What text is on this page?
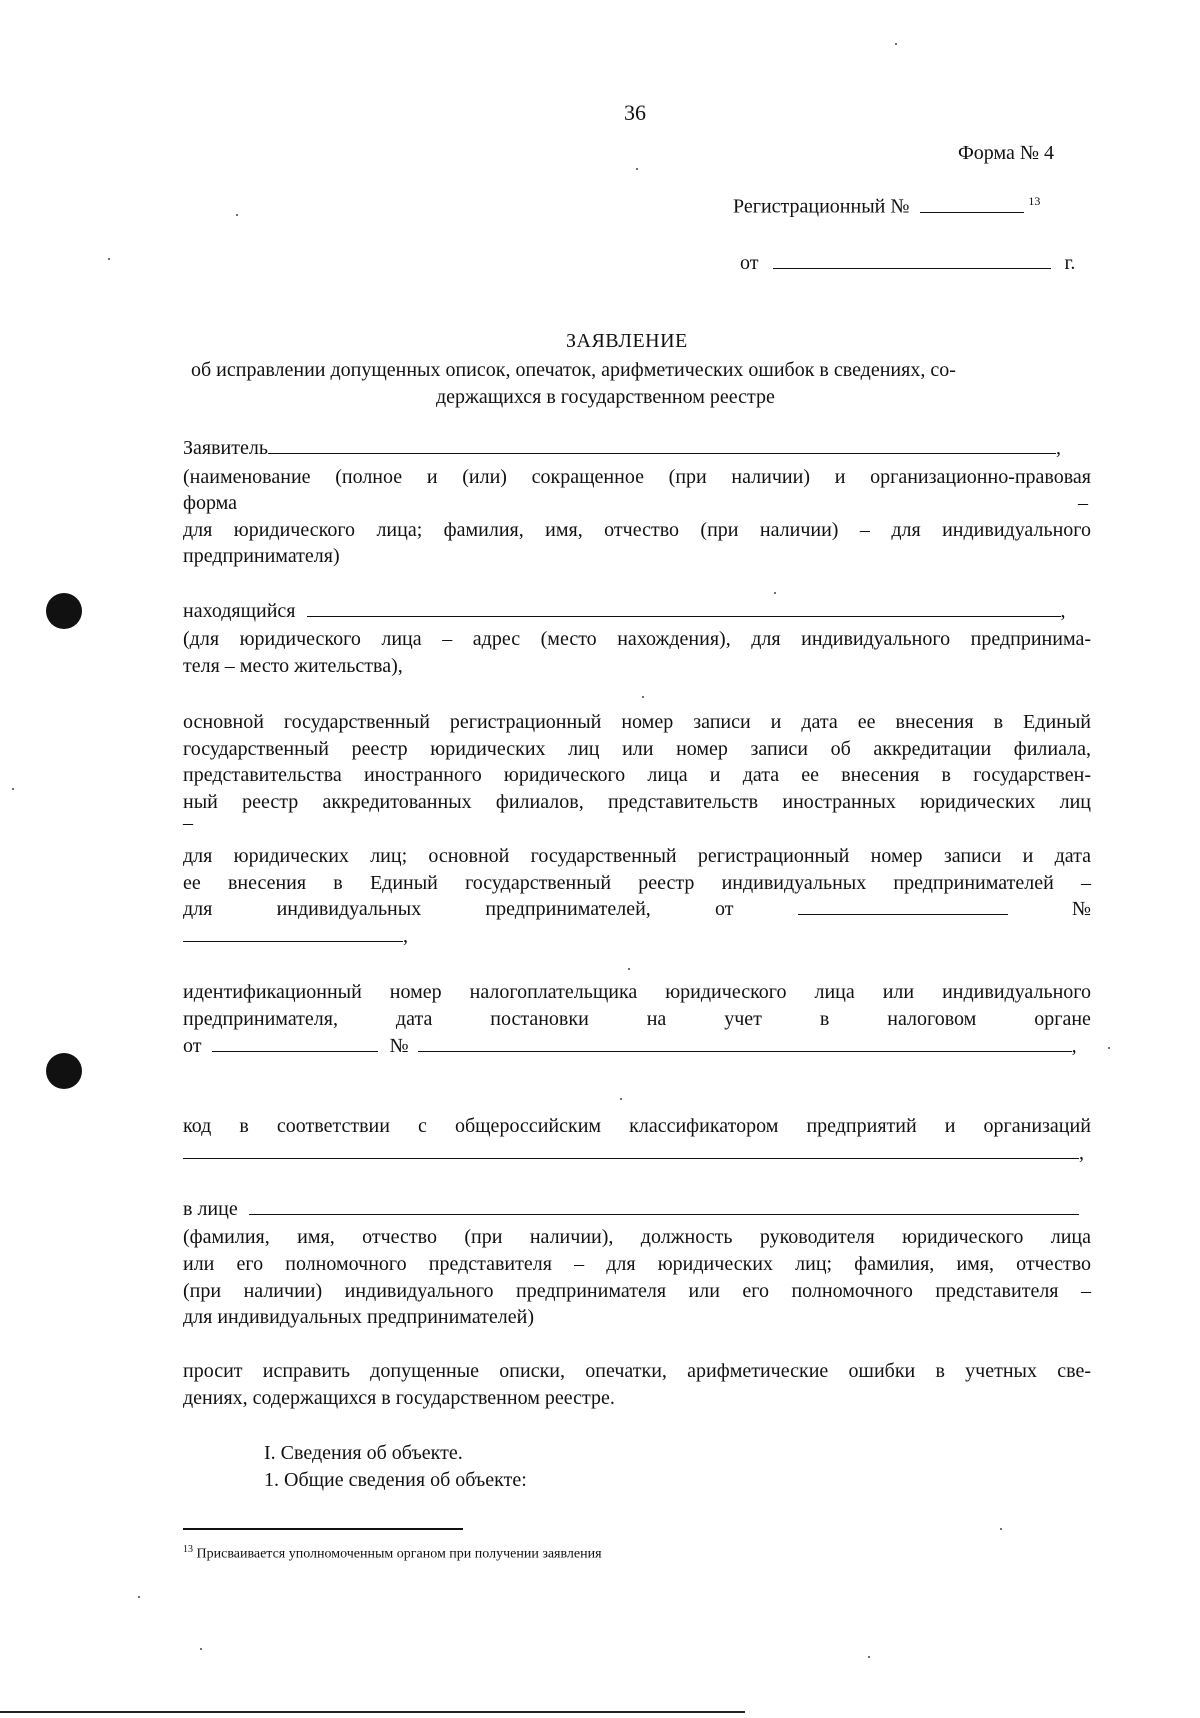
36
Форма № 4
Регистрационный №	$^{13}$
от	г.
ЗАЯВЛЕНИЕ
об исправлении допущенных описок, опечаток, арифметических ошибок в сведениях, со-
держащихся в государственном реестре
Заявитель	,
(наименование (полное и (или) сокращенное (при наличии) и организационно-правовая
форма	–
для юридического лица; фамилия, имя, отчество (при наличии) – для индивидуального
предпринимателя)
находящийся	,
(для юридического лица – адрес (место нахождения), для индивидуального предпринима-
теля – место жительства),
основной государственный регистрационный номер записи и дата ее внесения в Единый
государственный реестр юридических лиц или номер записи об аккредитации филиала,
представительства иностранного юридического лица и дата ее внесения в государствен-
ный реестр аккредитованных филиалов, представительств иностранных юридических лиц
–
для юридических лиц; основной государственный регистрационный номер записи и дата
ее внесения в Единый государственный реестр индивидуальных предпринимателей –
для	индивидуальных	предпринимателей,	от	№
,
идентификационный номер налогоплательщика юридического лица или индивидуального
предпринимателя,	дата	постановки	на	учет	в	налоговом	органе
от	№	,
код в соответствии с общероссийским классификатором предприятий и организаций
,
в лице
(фамилия, имя, отчество (при наличии), должность руководителя юридического лица
или его полномочного представителя – для юридических лиц; фамилия, имя, отчество
(при наличии) индивидуального предпринимателя или его полномочного представителя –
для индивидуальных предпринимателей)
просит исправить допущенные описки, опечатки, арифметические ошибки в учетных све-
дениях, содержащихся в государственном реестре.
I. Сведения об объекте.
1. Общие сведения об объекте:
$^{13}$ Присваивается уполномоченным органом при получении заявления
